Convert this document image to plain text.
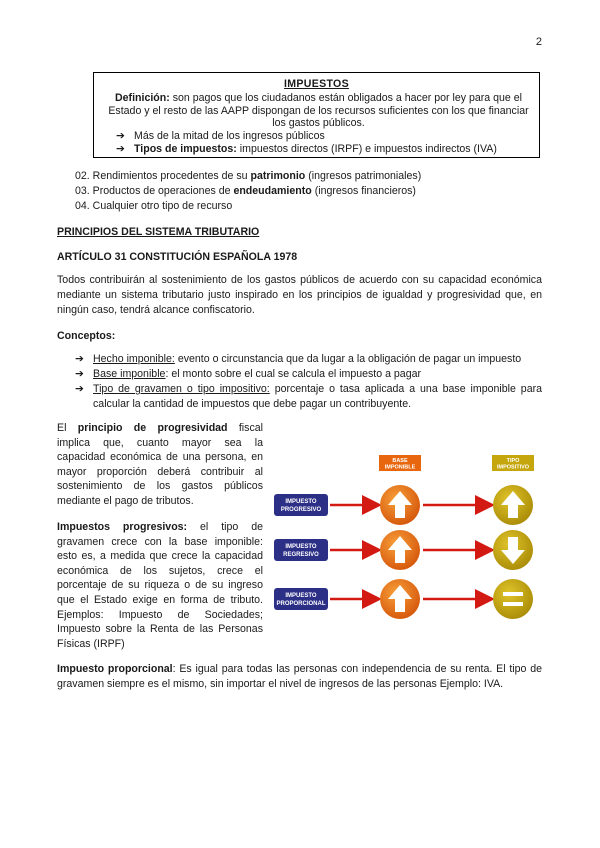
2
IMPUESTOS
Definición: son pagos que los ciudadanos están obligados a hacer por ley para que el Estado y el resto de las AAPP dispongan de los recursos suficientes con los que financiar los gastos públicos.
➔ Más de la mitad de los ingresos públicos
➔ Tipos de impuestos: impuestos directos (IRPF) e impuestos indirectos (IVA)
02. Rendimientos procedentes de su patrimonio (ingresos patrimoniales)
03. Productos de operaciones de endeudamiento (ingresos financieros)
04. Cualquier otro tipo de recurso
PRINCIPIOS DEL SISTEMA TRIBUTARIO
ARTÍCULO 31 CONSTITUCIÓN ESPAÑOLA 1978
Todos contribuirán al sostenimiento de los gastos públicos de acuerdo con su capacidad económica mediante un sistema tributario justo inspirado en los principios de igualdad y progresividad que, en ningún caso, tendrá alcance confiscatorio.
Conceptos:
➔ Hecho imponible: evento o circunstancia que da lugar a la obligación de pagar un impuesto
➔ Base imponible: el monto sobre el cual se calcula el impuesto a pagar
➔ Tipo de gravamen o tipo impositivo: porcentaje o tasa aplicada a una base imponible para calcular la cantidad de impuestos que debe pagar un contribuyente.
El principio de progresividad fiscal implica que, cuanto mayor sea la capacidad económica de una persona, en mayor proporción deberá contribuir al sostenimiento de los gastos públicos mediante el pago de tributos.
Impuestos progresivos: el tipo de gravamen crece con la base imponible: esto es, a medida que crece la capacidad económica de los sujetos, crece el porcentaje de su riqueza o de su ingreso que el Estado exige en forma de tributo. Ejemplos: Impuesto de Sociedades; Impuesto sobre la Renta de las Personas Físicas (IRPF)
BASE
IMPONIBLE
TIPO
IMPOSITIVO
IMPUESTO
PROGRESIVO
IMPUESTO
REGRESIVO
IMPUESTO
PROPORCIONAL
Impuesto proporcional: Es igual para todas las personas con independencia de su renta. El tipo de gravamen siempre es el mismo, sin importar el nivel de ingresos de las personas Ejemplo: IVA.
